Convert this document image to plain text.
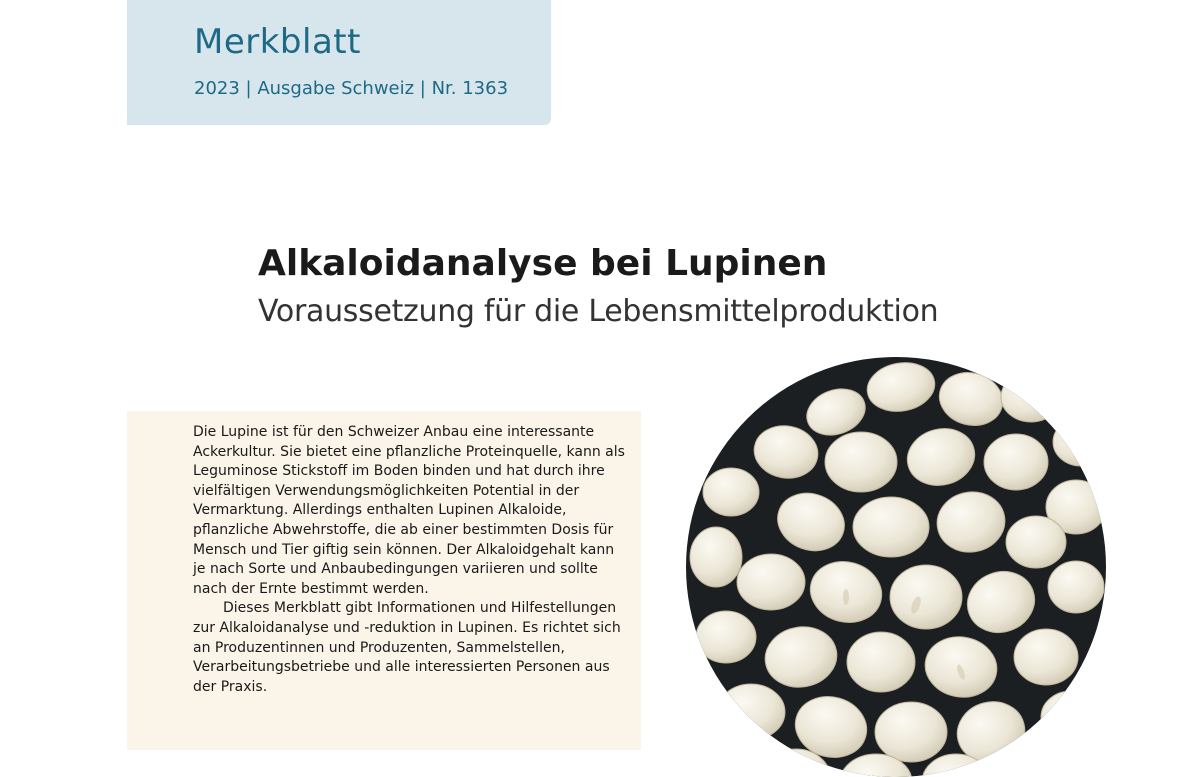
Merkblatt
2023 | Ausgabe Schweiz | Nr. 1363
Alkaloidanalyse bei Lupinen
Voraussetzung für die Lebensmittelproduktion

Die Lupine ist für den Schweizer Anbau eine interessante Ackerkultur. Sie bietet eine pflanzliche Proteinquelle, kann als Leguminose Stickstoff im Boden binden und hat durch ihre vielfältigen Verwendungsmöglichkeiten Potential in der Vermarktung. Allerdings enthalten Lupinen Alkaloide, pflanzliche Abwehrstoffe, die ab einer bestimmten Dosis für Mensch und Tier giftig sein können. Der Alkaloidgehalt kann je nach Sorte und Anbaubedingungen variieren und sollte nach der Ernte bestimmt werden.

Dieses Merkblatt gibt Informationen und Hilfestellungen zur Alkaloidanalyse und -reduktion in Lupinen. Es richtet sich an Produzentinnen und Produzenten, Sammelstellen, Verarbeitungsbetriebe und alle interessierten Personen aus der Praxis.
